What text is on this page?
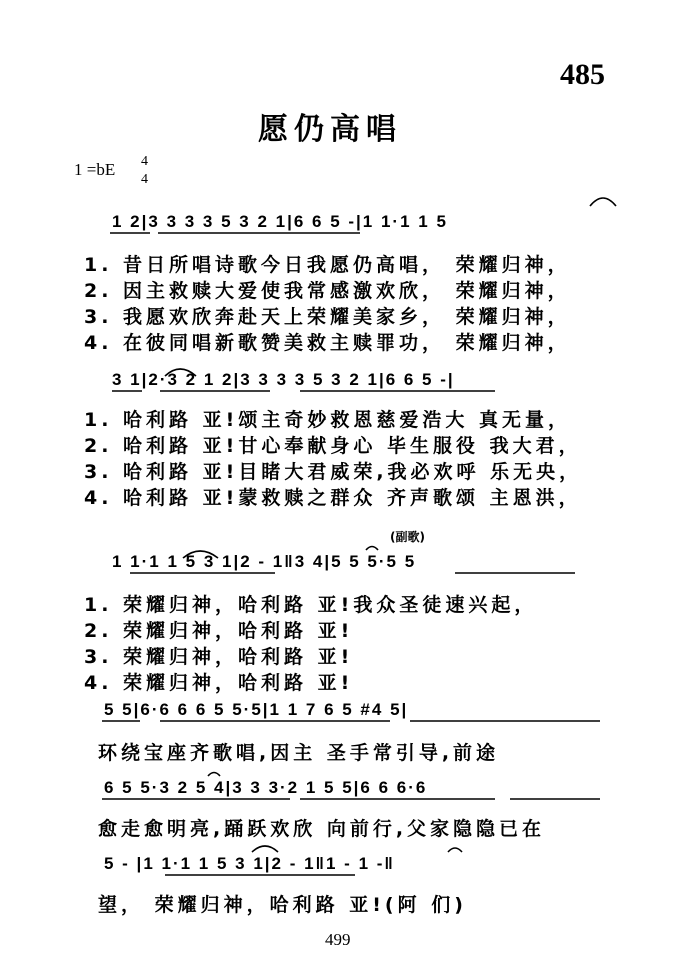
485
愿仍高唱
1 =bE 4
4
1 2|3 3 3 3 5 3 2 1|6 6 5 -|1 1·1 1 5
1. 昔日所唱诗歌今日我愿仍高唱， 荣耀归神，
2. 因主救赎大爱使我常感激欢欣， 荣耀归神，
3. 我愿欢欣奔赴天上荣耀美家乡， 荣耀归神，
4. 在彼同唱新歌赞美救主赎罪功， 荣耀归神，
3 1|2·3 2 1 2|3 3 3 3 5 3 2 1|6 6 5 -|
1. 哈利路 亚!颂主奇妙救恩慈爱浩大 真无量，
2. 哈利路 亚!甘心奉献身心 毕生服役 我大君，
3. 哈利路 亚!目睹大君威荣,我必欢呼 乐无央，
4. 哈利路 亚!蒙救赎之群众 齐声歌颂 主恩洪，
(副歌)
1 1·1 1 5 3 1|2 - 1‖3 4|5 5 5·5 5
1. 荣耀归神，哈利路 亚!我众圣徒速兴起，
2. 荣耀归神，哈利路 亚!
3. 荣耀归神，哈利路 亚!
4. 荣耀归神，哈利路 亚!
5 5|6·6 6 6 5 5·5|1 1 7 6 5 #4 5|
环绕宝座齐歌唱,因主 圣手常引导,前途
6 5 5·3 2 5 4|3 3 3·2 1 5 5|6 6 6·6
愈走愈明亮,踊跃欢欣 向前行,父家隐隐已在
5 - |1 1·1 1 5 3 1|2 - 1‖1 - 1 -‖
望， 荣耀归神，哈利路 亚!(阿 们)
499
